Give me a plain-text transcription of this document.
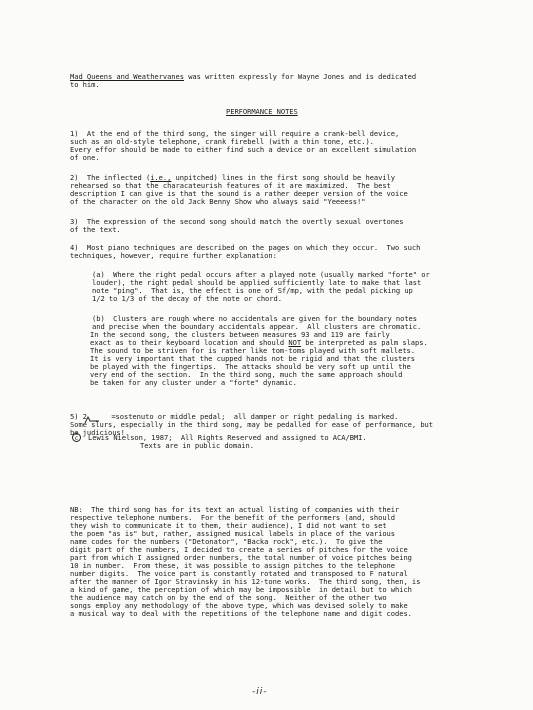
Mad Queens and Weathervanes was written expressly for Wayne Jones and is dedicated
to him.
PERFORMANCE NOTES
1)  At the end of the third song, the singer will require a crank-bell device,
such as an old-style telephone, crank firebell (with a thin tone, etc.).
Every effor should be made to either find such a device or an excellent simulation
of one.
2)  The inflected (i.e., unpitched) lines in the first song should be heavily
rehearsed so that the characateurish features of it are maximized.  The best
description I can give is that the sound is a rather deeper version of the voice
of the character on the old Jack Benny Show who always said "Yeeeess!"
3)  The expression of the second song should match the overtly sexual overtones
of the text.
4)  Most piano techniques are described on the pages on which they occur.  Two such
techniques, however, require further explanation:
(a)  Where the right pedal occurs after a played note (usually marked "forte" or
louder), the right pedal should be applied sufficiently late to make that last
note "ping".  That is, the effect is one of Sf/mp, with the pedal picking up
1/2 to 1/3 of the decay of the note or chord.
(b)  Clusters are rough where no accidentals are given for the boundary notes
and precise when the boundary accidentals appear.  All clusters are chromatic.
In the second song, the clusters between measures 93 and 119 are fairly
exact as to their keyboard location and should NOT be interpreted as palm slaps.
The sound to be striven for is rather like tom-toms played with soft mallets.
It is very important that the cupped hands not be rigid and that the clusters
be played with the fingertips.  The attacks should be very soft up until the
very end of the section.  In the third song, much the same approach should
be taken for any cluster under a "forte" dynamic.
5) 2. =sostenuto or middle pedal;  all damper or right pedaling is marked.
Some slurs, especially in the third song, may be pedalled for ease of performance, but
be judicious!
c	Lewis Nielson, 1987;  All Rights Reserved and assigned to ACA/BMI.
Texts are in public domain.
NB:  The third song has for its text an actual listing of companies with their
respective telephone numbers.  For the benefit of the performers (and, should
they wish to communicate it to them, their audience), I did not want to set
the poem "as is" but, rather, assigned musical labels in place of the various
name codes for the numbers ("Detonator", "Backa rock", etc.).  To give the
digit part of the numbers, I decided to create a series of pitches for the voice
part from which I assigned order numbers, the total number of voice pitches being
10 in number.  From these, it was possible to assign pitches to the telephone
number digits.  The voice part is constantly rotated and transposed to F natural
after the manner of Igor Stravinsky in his 12-tone works.  The third song, then, is
a kind of game, the perception of which may be impossible  in detail but to which
the audience may catch on by the end of the song.  Neither of the other two
songs employ any methodology of the above type, which was devised solely to make
a musical way to deal with the repetitions of the telephone name and digit codes.
-ii-
